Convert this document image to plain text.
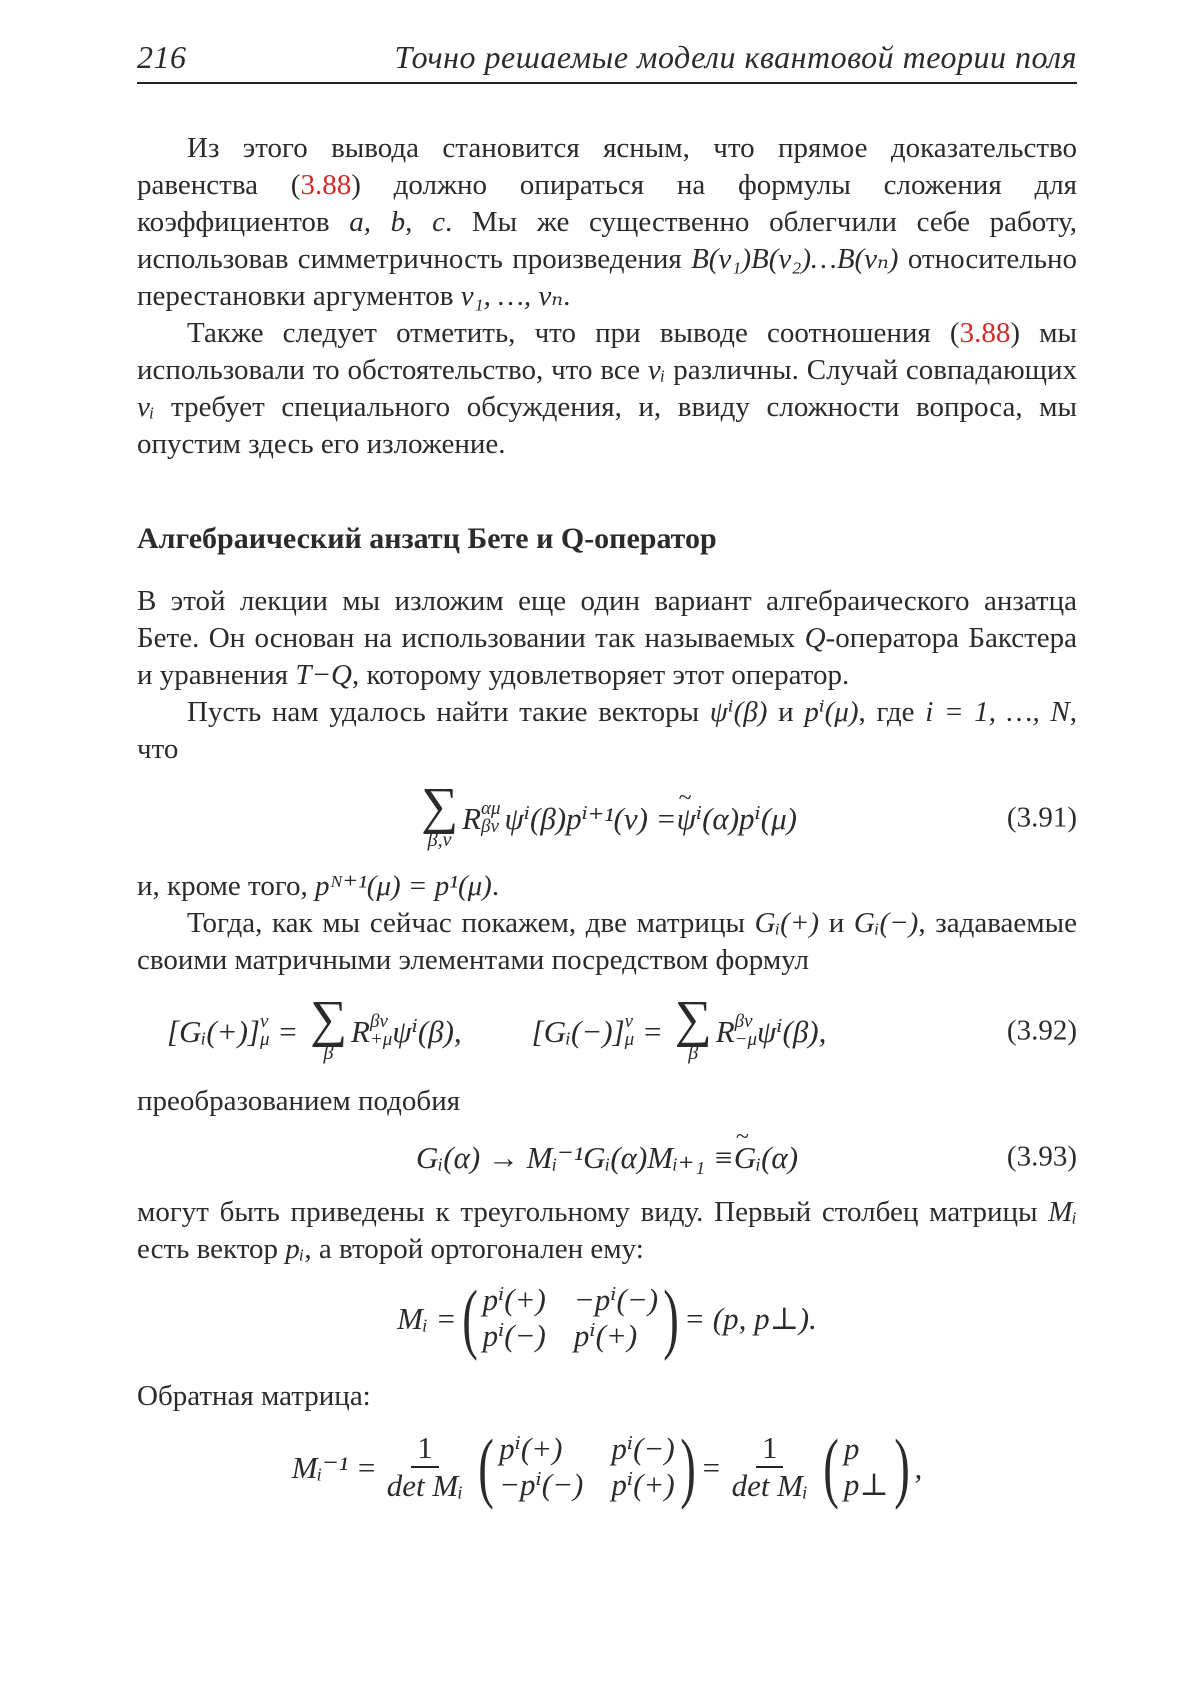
216	Точно решаемые модели квантовой теории поля

Из этого вывода становится ясным, что прямое доказательство равенства (3.88) должно опираться на формулы сложения для коэффициентов a, b, c. Мы же существенно облегчили себе работу, использовав симметричность произведения B(v₁)B(v₂)…B(vₙ) относительно перестановки аргументов v₁, …, vₙ.

Также следует отметить, что при выводе соотношения (3.88) мы использовали то обстоятельство, что все vᵢ различны. Случай совпадающих vᵢ требует специального обсуждения, и, ввиду сложности вопроса, мы опустим здесь его изложение.

Алгебраический анзатц Бете и Q-оператор

В этой лекции мы изложим еще один вариант алгебраического анзатца Бете. Он основан на использовании так называемых Q-оператора Бакстера и уравнения T−Q, которому удовлетворяет этот оператор.

Пусть нам удалось найти такие векторы ψⁱ(β) и pⁱ(μ), где i = 1, …, N, что

∑
β,ν
R αμ
βν ψⁱ(β)pⁱ⁺¹(ν) =
~ ψ ⁱ(α)pⁱ(μ)	(3.91)

и, кроме того, pᴺ⁺¹(μ) = p¹(μ).

Тогда, как мы сейчас покажем, две матрицы Gᵢ(+) и Gᵢ(−), задаваемые своими матричными элементами посредством формул

[Gᵢ(+)] ν
μ = ∑
β
R βν
+μ ψⁱ(β), [Gᵢ(−)] ν
μ = ∑
β
R βν
−μ ψⁱ(β),	(3.92)

преобразованием подобия

Gᵢ(α) → Mᵢ⁻¹Gᵢ(α)Mᵢ₊₁ ≡
~ G ᵢ(α)	(3.93)

могут быть приведены к треугольному виду. Первый столбец матрицы Mᵢ есть вектор pᵢ, а второй ортогонален ему:

Mᵢ = ( pⁱ(+) −pⁱ(−)
pⁱ(−) pⁱ(+) ) = (p, p⊥).

Обратная матрица:

Mᵢ⁻¹ =
1
det Mᵢ ( pⁱ(+)	pⁱ(−)
−pⁱ(−) pⁱ(+) ) =
1
det Mᵢ ( p
p⊥ ) ,
